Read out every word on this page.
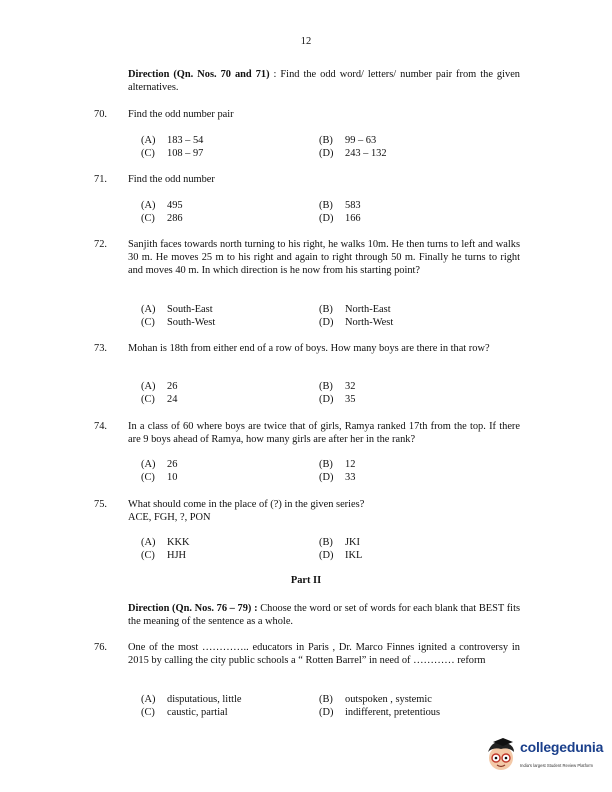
12
Direction (Qn. Nos. 70 and 71) : Find the odd word/ letters/ number pair from the given alternatives.
70. Find the odd number pair
(A)	183 – 54	(B)	99 – 63
(C)	108 – 97	(D)	243 – 132
71. Find the odd number
(A)	495	(B)	583
(C)	286	(D)	166
72. Sanjith faces towards north turning to his right, he walks 10m. He then turns to left and walks 30 m. He moves 25 m to his right and again to right through 50 m. Finally he turns to right and moves 40 m. In which direction is he now from his starting point?
(A)	South-East	(B)	North-East
(C)	South-West	(D)	North-West
73. Mohan is 18th from either end of a row of boys. How many boys are there in that row?
(A)	26	(B)	32
(C)	24	(D)	35
74. In a class of 60 where boys are twice that of girls, Ramya ranked 17th from the top. If there are 9 boys ahead of Ramya, how many girls are after her in the rank?
(A)	26	(B)	12
(C)	10	(D)	33
75. What should come in the place of (?) in the given series?
ACE, FGH, ?, PON
(A)	KKK	(B)	JKI
(C)	HJH	(D)	IKL
Part II
Direction (Qn. Nos. 76 – 79) : Choose the word or set of words for each blank that BEST fits the meaning of the sentence as a whole.
76. One of the most ………….. educators in Paris , Dr. Marco Finnes ignited a controversy in 2015 by calling the city public schools a “ Rotten Barrel” in need of ………… reform
(A)	disputatious, little	(B)	outspoken , systemic
(C)	caustic, partial	(D)	indifferent, pretentious
collegedunia
India's largest Student Review Platform
